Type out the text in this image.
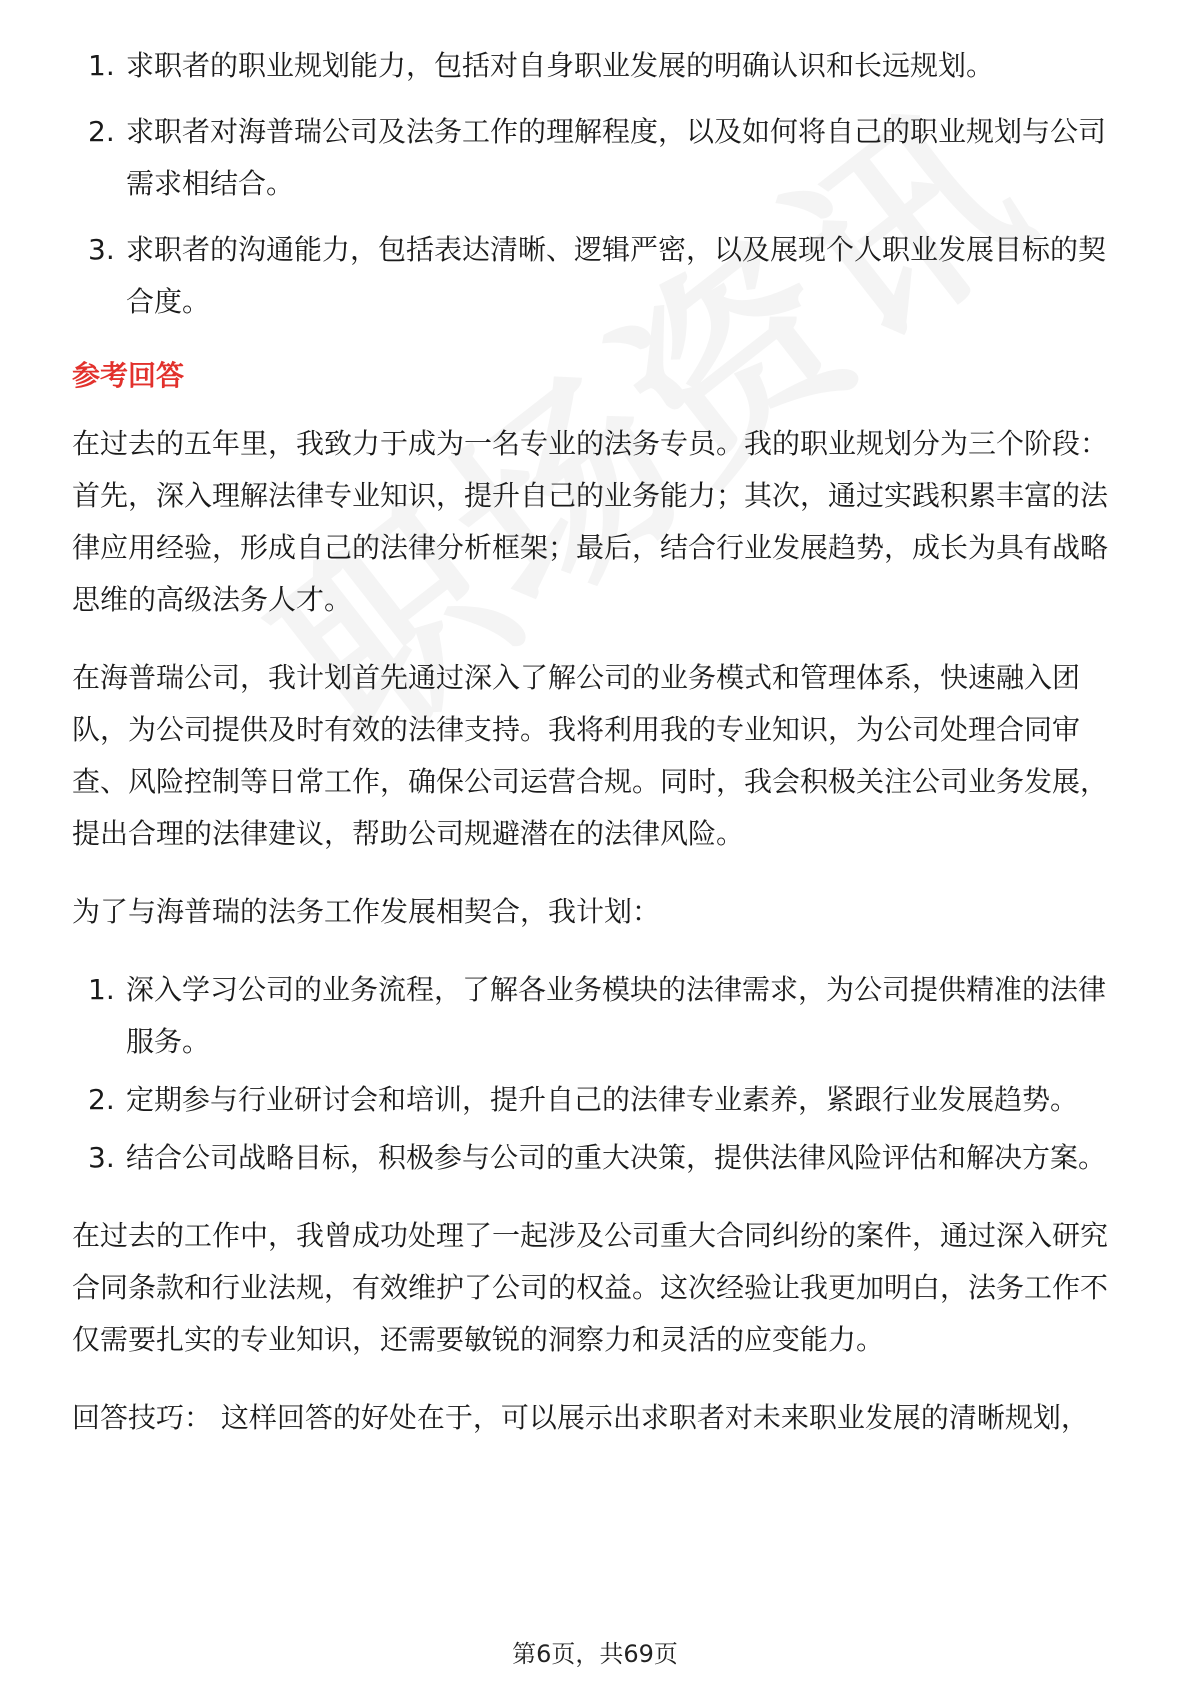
1. 求职者的职业规划能力，包括对自身职业发展的明确认识和长远规划。
2. 求职者对海普瑞公司及法务工作的理解程度，以及如何将自己的职业规划与公司需求相结合。
3. 求职者的沟通能力，包括表达清晰、逻辑严密，以及展现个人职业发展目标的契合度。
参考回答

在过去的五年里，我致力于成为一名专业的法务专员。我的职业规划分为三个阶段：首先，深入理解法律专业知识，提升自己的业务能力；其次，通过实践积累丰富的法律应用经验，形成自己的法律分析框架；最后，结合行业发展趋势，成长为具有战略思维的高级法务人才。

在海普瑞公司，我计划首先通过深入了解公司的业务模式和管理体系，快速融入团队，为公司提供及时有效的法律支持。我将利用我的专业知识，为公司处理合同审查、风险控制等日常工作，确保公司运营合规。同时，我会积极关注公司业务发展，提出合理的法律建议，帮助公司规避潜在的法律风险。

为了与海普瑞的法务工作发展相契合，我计划：

1. 深入学习公司的业务流程，了解各业务模块的法律需求，为公司提供精准的法律服务。
2. 定期参与行业研讨会和培训，提升自己的法律专业素养，紧跟行业发展趋势。
3. 结合公司战略目标，积极参与公司的重大决策，提供法律风险评估和解决方案。

在过去的工作中，我曾成功处理了一起涉及公司重大合同纠纷的案件，通过深入研究合同条款和行业法规，有效维护了公司的权益。这次经验让我更加明白，法务工作不仅需要扎实的专业知识，还需要敏锐的洞察力和灵活的应变能力。

回答技巧： 这样回答的好处在于，可以展示出求职者对未来职业发展的清晰规划，

第6页，共69页
